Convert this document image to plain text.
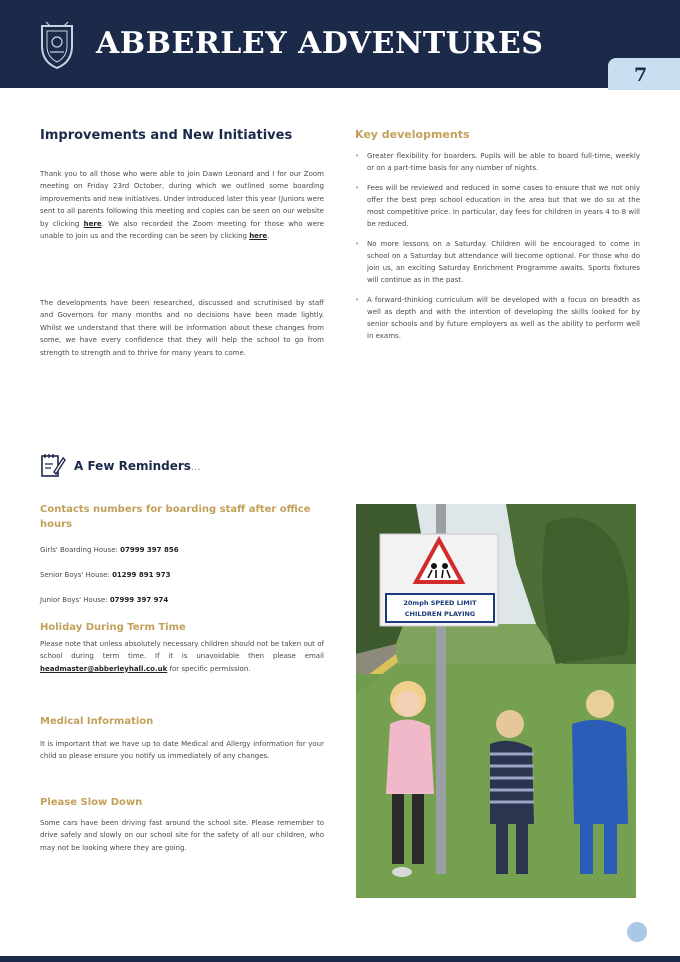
ABBERLEY ADVENTURES
7
Improvements and New Initiatives
Thank you to all those who were able to join Dawn Leonard and I for our Zoom meeting on Friday 23rd October, during which we outlined some boarding improvements and new initiatives. Under introduced later this year (Juniors were sent to all parents following this meeting and copies can be seen on our website by clicking here. We also recorded the Zoom meeting for those who were unable to join us and the recording can be seen by clicking here.
The developments have been researched, discussed and scrutinised by staff and Governors for many months and no decisions have been made lightly. Whilst we understand that there will be information about these changes from some, we have every confidence that they will help the school to go from strength to strength and to thrive for many years to come.
Key developments
• Greater flexibility for boarders. Pupils will be able to board full-time, weekly or on a part-time basis for any number of nights.
• Fees will be reviewed and reduced in some cases to ensure that we not only offer the best prep school education in the area but that we do so at the most competitive price. In particular, day fees for children in years 4 to 8 will be reduced.
• No more lessons on a Saturday. Children will be encouraged to come in school on a Saturday but attendance will become optional. For those who do join us, an exciting Saturday Enrichment Programme awaits. Sports fixtures will continue as in the past.
• A forward-thinking curriculum will be developed with a focus on breadth as well as depth and with the intention of developing the skills looked for by senior schools and by future employers as well as the ability to perform well in exams.
A Few Reminders...
Contacts numbers for boarding staff after office hours
Girls' Boarding House: 07999 397 856
Senior Boys' House: 01299 891 973
Junior Boys' House: 07999 397 974
Holiday During Term Time
Please note that unless absolutely necessary children should not be taken out of school during term time. If it is unavoidable then please email headmaster@abberleyhall.co.uk for specific permission.
Medical Information
It is important that we have up to date Medical and Allergy information for your child so please ensure you notify us immediately of any changes.
Please Slow Down
Some cars have been driving fast around the school site. Please remember to drive safely and slowly on our school site for the safety of all our children, who may not be looking where they are going.
20mph SPEED LIMIT
CHILDREN PLAYING
